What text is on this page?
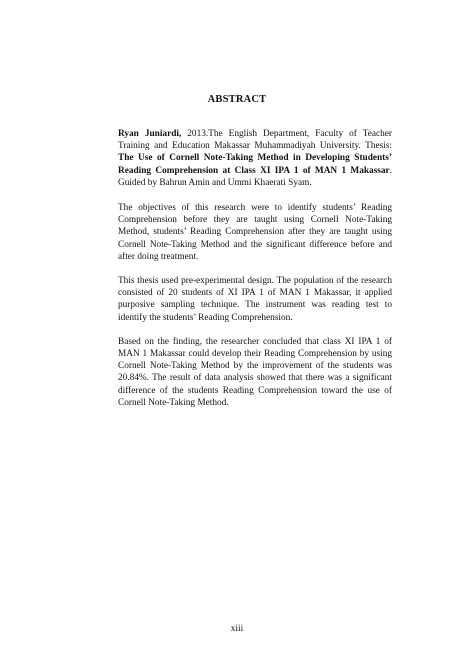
ABSTRACT

Ryan Juniardi, 2013.The English Department, Faculty of Teacher Training and Education Makassar Muhammadiyah University. Thesis: The Use of Cornell Note-Taking Method in Developing Students’ Reading Comprehension at Class XI IPA 1 of MAN 1 Makassar. Guided by Bahrun Amin and Ummi Khaerati Syam.

The objectives of this research were to identify students’ Reading Comprehension before they are taught using Cornell Note-Taking Method, students’ Reading Comprehension after they are taught using Cornell Note-Taking Method and the significant difference before and after doing treatment.

This thesis used pre-experimental design. The population of the research consisted of 20 students of XI IPA 1 of MAN 1 Makassar, it applied purposive sampling technique. The instrument was reading test to identify the students’ Reading Comprehension.

Based on the finding, the researcher concluded that class XI IPA 1 of MAN 1 Makassar could develop their Reading Comprehension by using Cornell Note-Taking Method by the improvement of the students was 20.84%. The result of data analysis showed that there was a significant difference of the students Reading Comprehension toward the use of Cornell Note-Taking Method.

xiii
